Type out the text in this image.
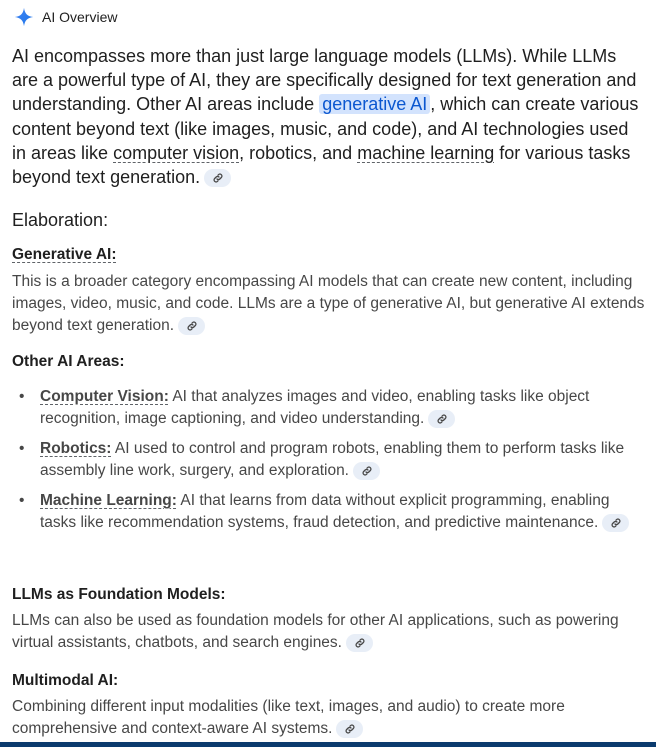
AI Overview
AI encompasses more than just large language models (LLMs). While LLMs are a powerful type of AI, they are specifically designed for text generation and understanding. Other AI areas include generative AI , which can create various content beyond text (like images, music, and code), and AI technologies used in areas like computer vision, robotics, and machine learning for various tasks beyond text generation.
Elaboration:
Generative AI:
This is a broader category encompassing AI models that can create new content, including images, video, music, and code. LLMs are a type of generative AI, but generative AI extends beyond text generation.
Other AI Areas:
• Computer Vision: AI that analyzes images and video, enabling tasks like object recognition, image captioning, and video understanding.
• Robotics: AI used to control and program robots, enabling them to perform tasks like assembly line work, surgery, and exploration.
• Machine Learning: AI that learns from data without explicit programming, enabling tasks like recommendation systems, fraud detection, and predictive maintenance.
LLMs as Foundation Models:
LLMs can also be used as foundation models for other AI applications, such as powering virtual assistants, chatbots, and search engines.
Multimodal AI:
Combining different input modalities (like text, images, and audio) to create more comprehensive and context-aware AI systems.
